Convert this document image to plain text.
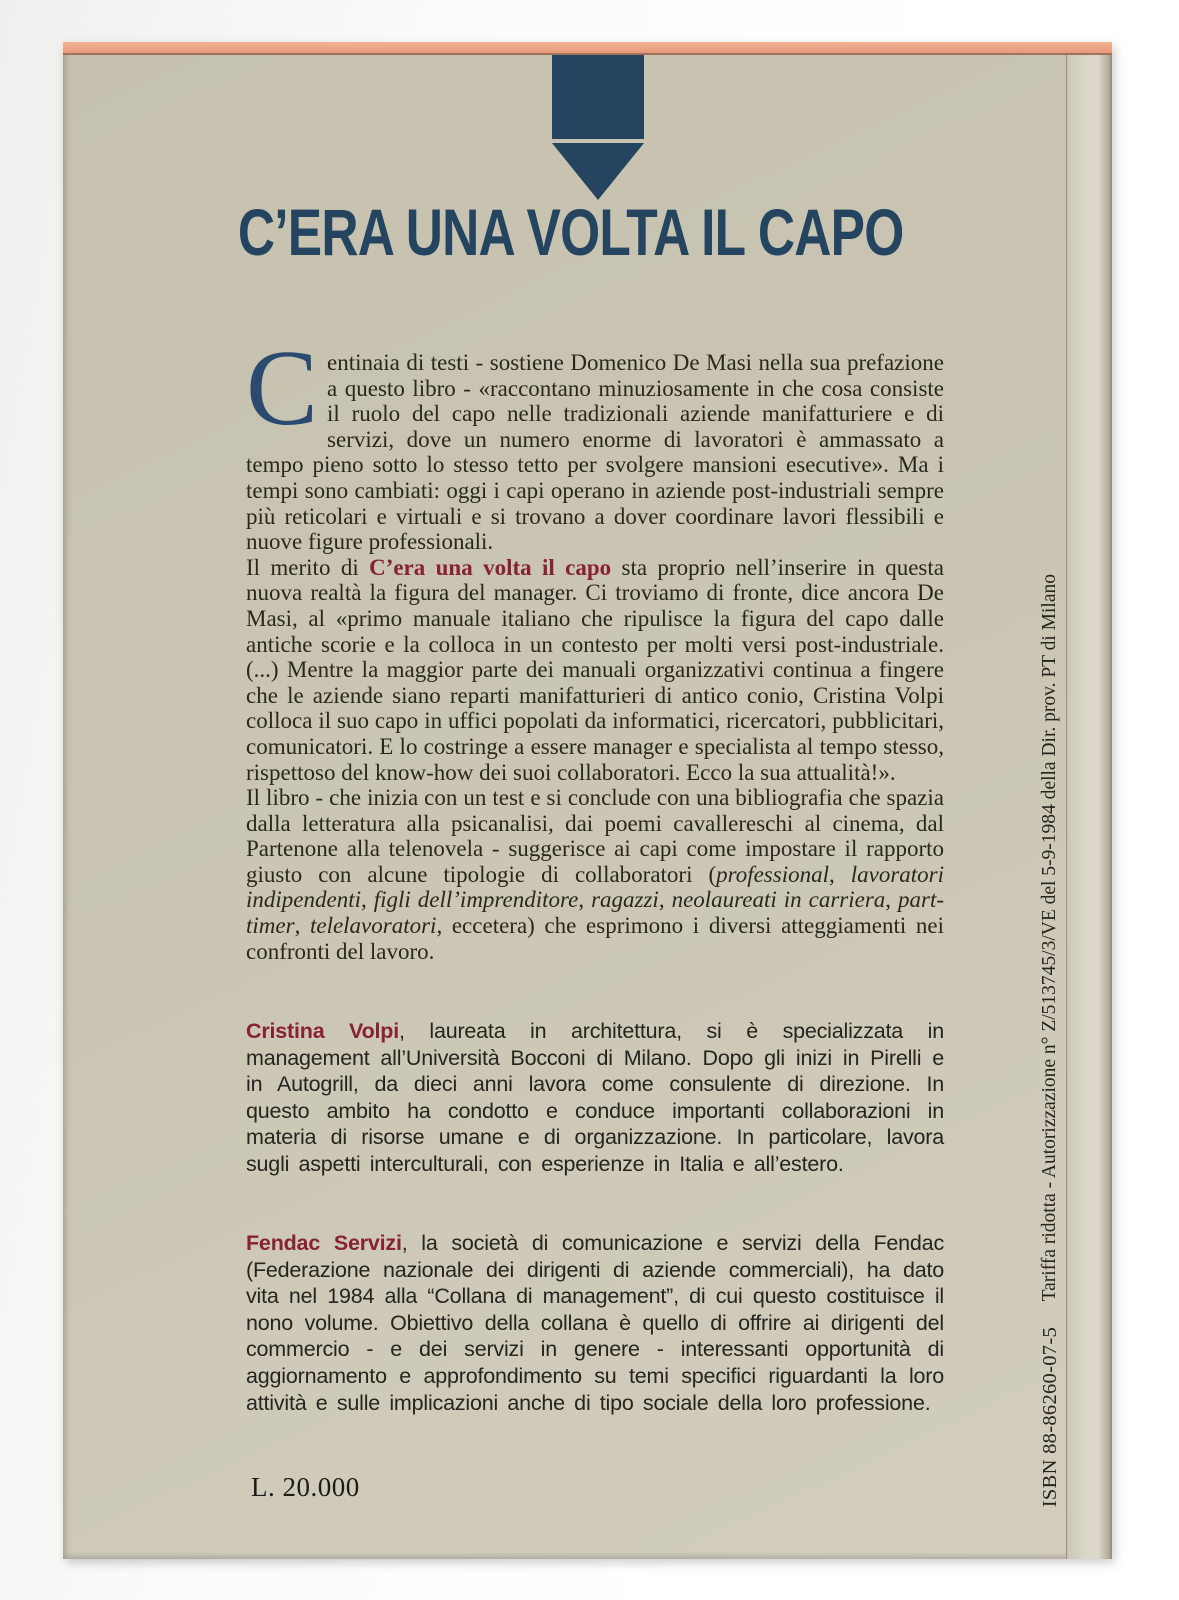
C’ERA UNA VOLTA IL CAPO

Centinaia di testi - sostiene Domenico De Masi nella sua prefazione a questo libro - «raccontano minuziosamente in che cosa consiste il ruolo del capo nelle tradizionali aziende manifatturiere e di servizi, dove un numero enorme di lavoratori è ammassato a tempo pieno sotto lo stesso tetto per svolgere mansioni esecutive». Ma i tempi sono cambiati: oggi i capi operano in aziende post-industriali sempre più reticolari e virtuali e si trovano a dover coordinare lavori flessibili e nuove figure professionali.

Il merito di C’era una volta il capo sta proprio nell’inserire in questa nuova realtà la figura del manager. Ci troviamo di fronte, dice ancora De Masi, al «primo manuale italiano che ripulisce la figura del capo dalle antiche scorie e la colloca in un contesto per molti versi post-industriale. (...) Mentre la maggior parte dei manuali organizzativi continua a fingere che le aziende siano reparti manifatturieri di antico conio, Cristina Volpi colloca il suo capo in uffici popolati da informatici, ricercatori, pubblicitari, comunicatori. E lo costringe a essere manager e specialista al tempo stesso, rispettoso del know-how dei suoi collaboratori. Ecco la sua attualità!».

Il libro - che inizia con un test e si conclude con una bibliografia che spazia dalla letteratura alla psicanalisi, dai poemi cavallereschi al cinema, dal Partenone alla telenovela - suggerisce ai capi come impostare il rapporto giusto con alcune tipologie di collaboratori (professional, lavoratori indipendenti, figli dell’imprenditore, ragazzi, neolaureati in carriera, part-timer, telelavoratori, eccetera) che esprimono i diversi atteggiamenti nei confronti del lavoro.

Cristina Volpi, laureata in architettura, si è specializzata in management all’Università Bocconi di Milano. Dopo gli inizi in Pirelli e in Autogrill, da dieci anni lavora come consulente di direzione. In questo ambito ha condotto e conduce importanti collaborazioni in materia di risorse umane e di organizzazione. In particolare, lavora sugli aspetti interculturali, con esperienze in Italia e all’estero.
Fendac Servizi, la società di comunicazione e servizi della Fendac (Federazione nazionale dei dirigenti di aziende commerciali), ha dato vita nel 1984 alla “Collana di management”, di cui questo costituisce il nono volume. Obiettivo della collana è quello di offrire ai dirigenti del commercio - e dei servizi in genere - interessanti opportunità di aggiornamento e approfondimento su temi specifici riguardanti la loro attività e sulle implicazioni anche di tipo sociale della loro professione.
L. 20.000
Tariffa ridotta - Autorizzazione n° Z/513745/3/VE del 5-9-1984 della Dir. prov. PT di Milano
ISBN 88-86260-07-5
